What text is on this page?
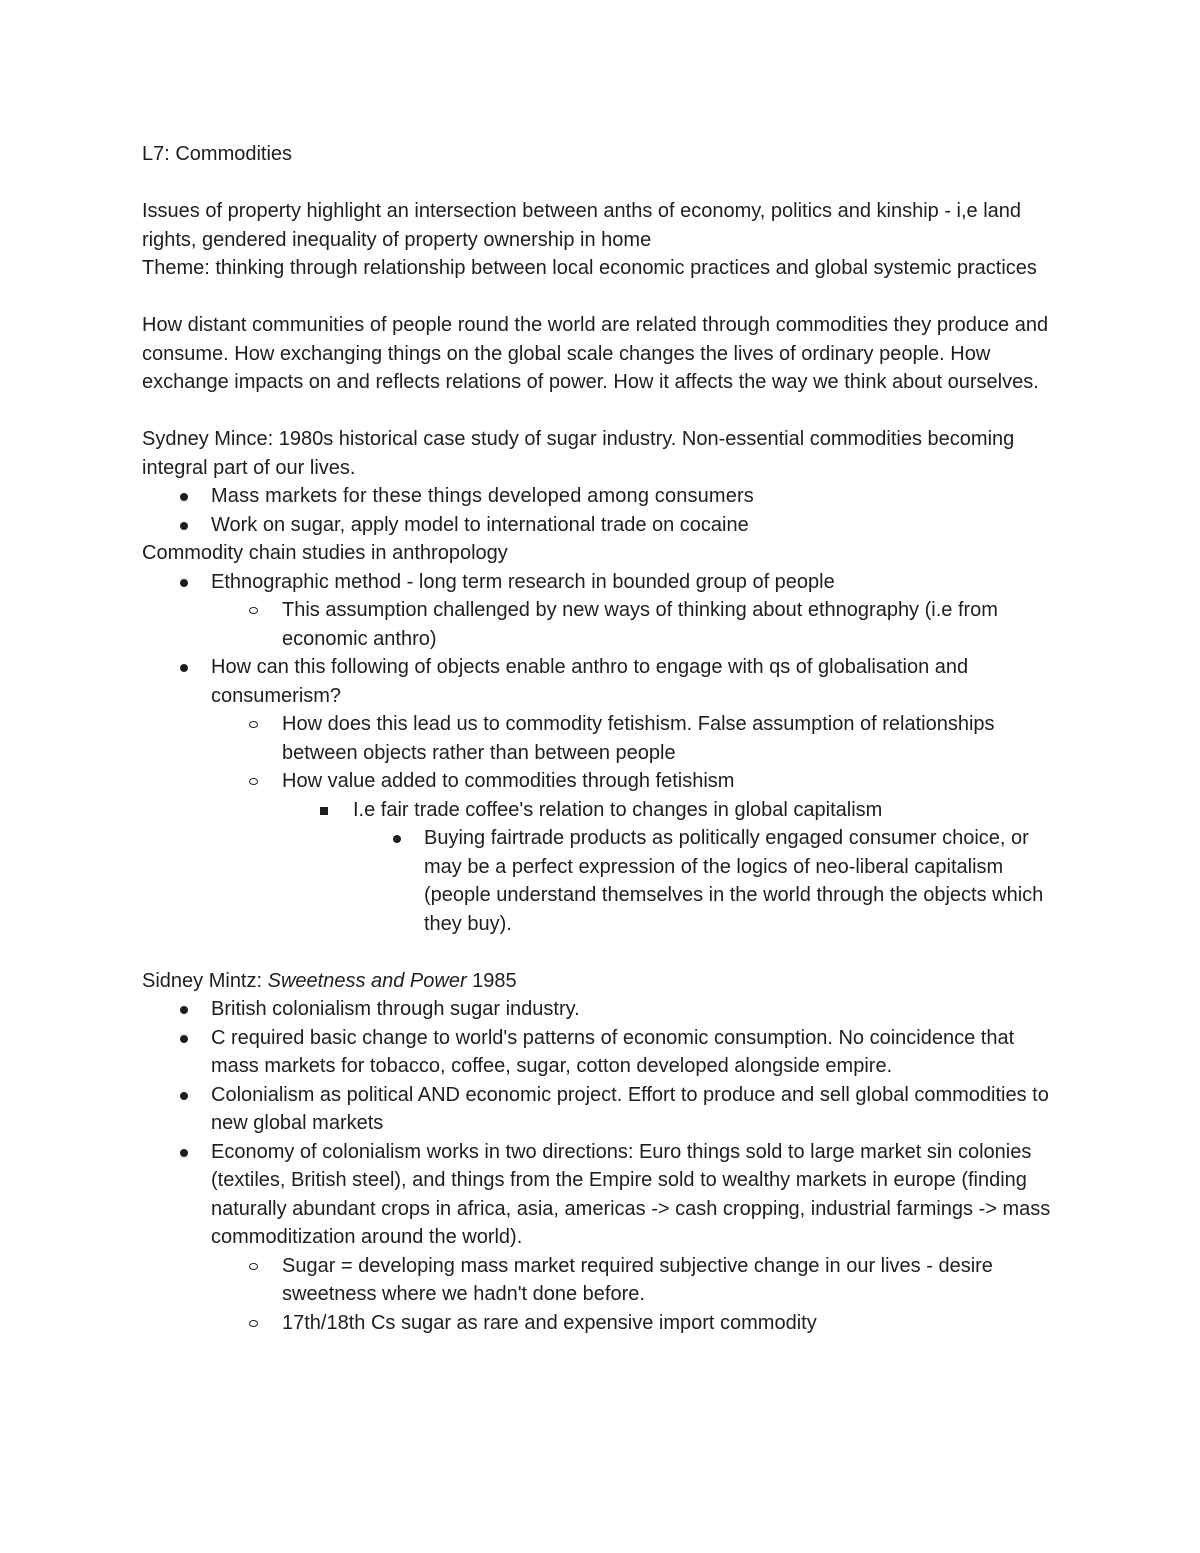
L7: Commodities

Issues of property highlight an intersection between anths of economy, politics and kinship - i,e land rights, gendered inequality of property ownership in home

Theme: thinking through relationship between local economic practices and global systemic practices

How distant communities of people round the world are related through commodities they produce and consume. How exchanging things on the global scale changes the lives of ordinary people. How exchange impacts on and reflects relations of power. How it affects the way we think about ourselves.

Sydney Mince: 1980s historical case study of sugar industry. Non-essential commodities becoming integral part of our lives.

Mass markets for these things developed among consumers
Work on sugar, apply model to international trade on cocaine

Commodity chain studies in anthropology

Ethnographic method - long term research in bounded group of people
This assumption challenged by new ways of thinking about ethnography (i.e from economic anthro)
How can this following of objects enable anthro to engage with qs of globalisation and consumerism?
How does this lead us to commodity fetishism. False assumption of relationships between objects rather than between people
How value added to commodities through fetishism
I.e fair trade coffee's relation to changes in global capitalism
Buying fairtrade products as politically engaged consumer choice, or may be a perfect expression of the logics of neo-liberal capitalism (people understand themselves in the world through the objects which they buy).

Sidney Mintz: Sweetness and Power 1985

British colonialism through sugar industry.
C required basic change to world's patterns of economic consumption. No coincidence that mass markets for tobacco, coffee, sugar, cotton developed alongside empire.
Colonialism as political AND economic project. Effort to produce and sell global commodities to new global markets
Economy of colonialism works in two directions: Euro things sold to large market sin colonies (textiles, British steel), and things from the Empire sold to wealthy markets in europe (finding naturally abundant crops in africa, asia, americas -> cash cropping, industrial farmings -> mass commoditization around the world).
Sugar = developing mass market required subjective change in our lives - desire sweetness where we hadn't done before.
17th/18th Cs sugar as rare and expensive import commodity
